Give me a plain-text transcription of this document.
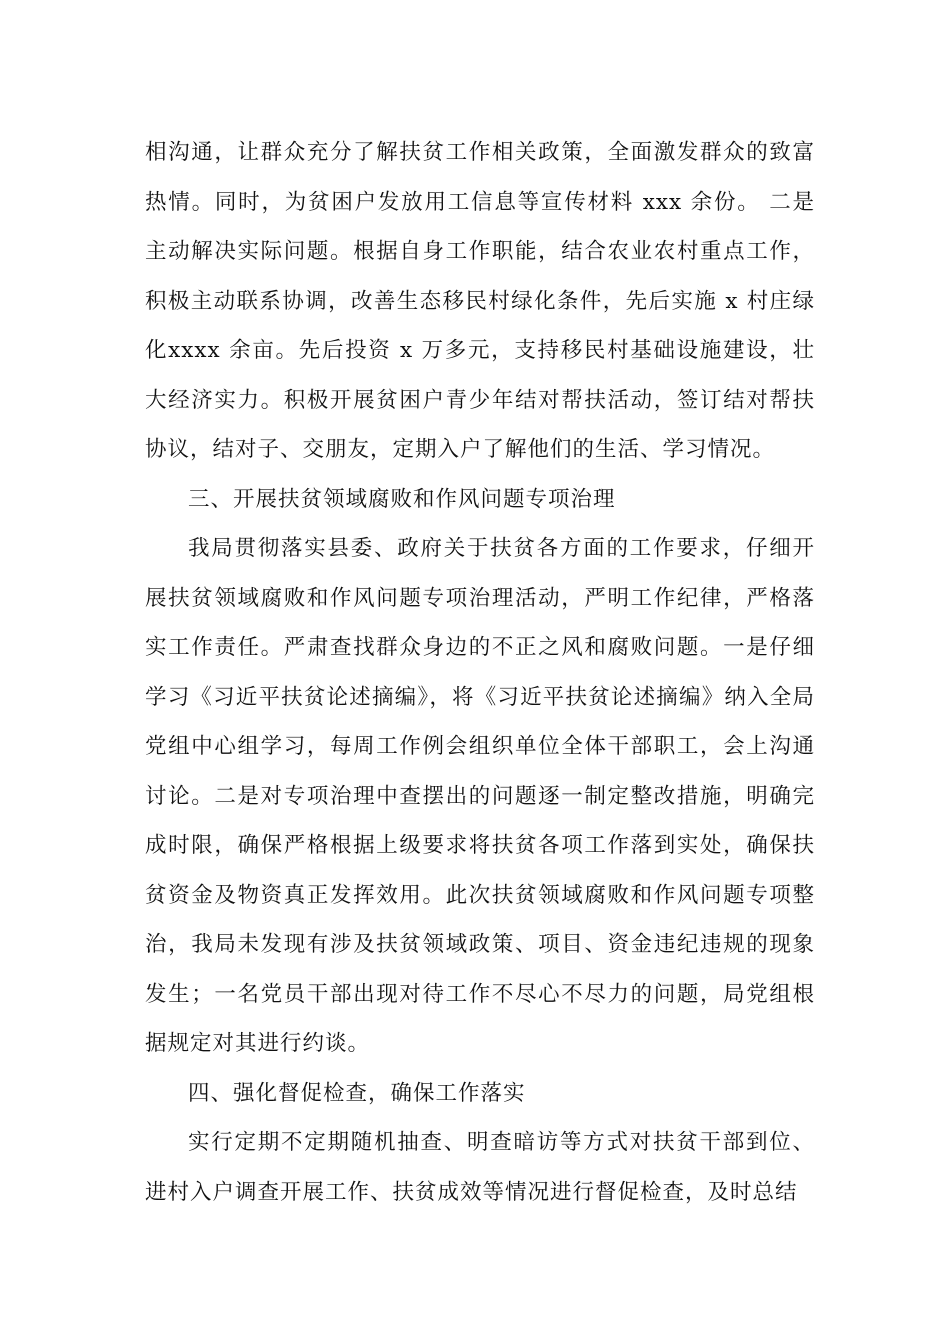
相沟通，让群众充分了解扶贫工作相关政策，全面激发群众的致富热情。同时，为贫困户发放用工信息等宣传材料 xxx 余份。 二是主动解决实际问题。根据自身工作职能，结合农业农村重点工作，积极主动联系协调，改善生态移民村绿化条件，先后实施 x 村庄绿化xxxx 余亩。先后投资 x 万多元，支持移民村基础设施建设，壮大经济实力。积极开展贫困户青少年结对帮扶活动，签订结对帮扶协议，结对子、交朋友，定期入户了解他们的生活、学习情况。

三、开展扶贫领域腐败和作风问题专项治理

我局贯彻落实县委、政府关于扶贫各方面的工作要求，仔细开展扶贫领域腐败和作风问题专项治理活动，严明工作纪律，严格落实工作责任。严肃查找群众身边的不正之风和腐败问题。一是仔细学习《习近平扶贫论述摘编》，将《习近平扶贫论述摘编》纳入全局党组中心组学习，每周工作例会组织单位全体干部职工，会上沟通讨论。二是对专项治理中查摆出的问题逐一制定整改措施，明确完成时限，确保严格根据上级要求将扶贫各项工作落到实处，确保扶贫资金及物资真正发挥效用。此次扶贫领域腐败和作风问题专项整治，我局未发现有涉及扶贫领域政策、项目、资金违纪违规的现象发生；一名党员干部出现对待工作不尽心不尽力的问题，局党组根据规定对其进行约谈。

四、强化督促检查，确保工作落实

实行定期不定期随机抽查、明查暗访等方式对扶贫干部到位、进村入户调查开展工作、扶贫成效等情况进行督促检查，及时总结
